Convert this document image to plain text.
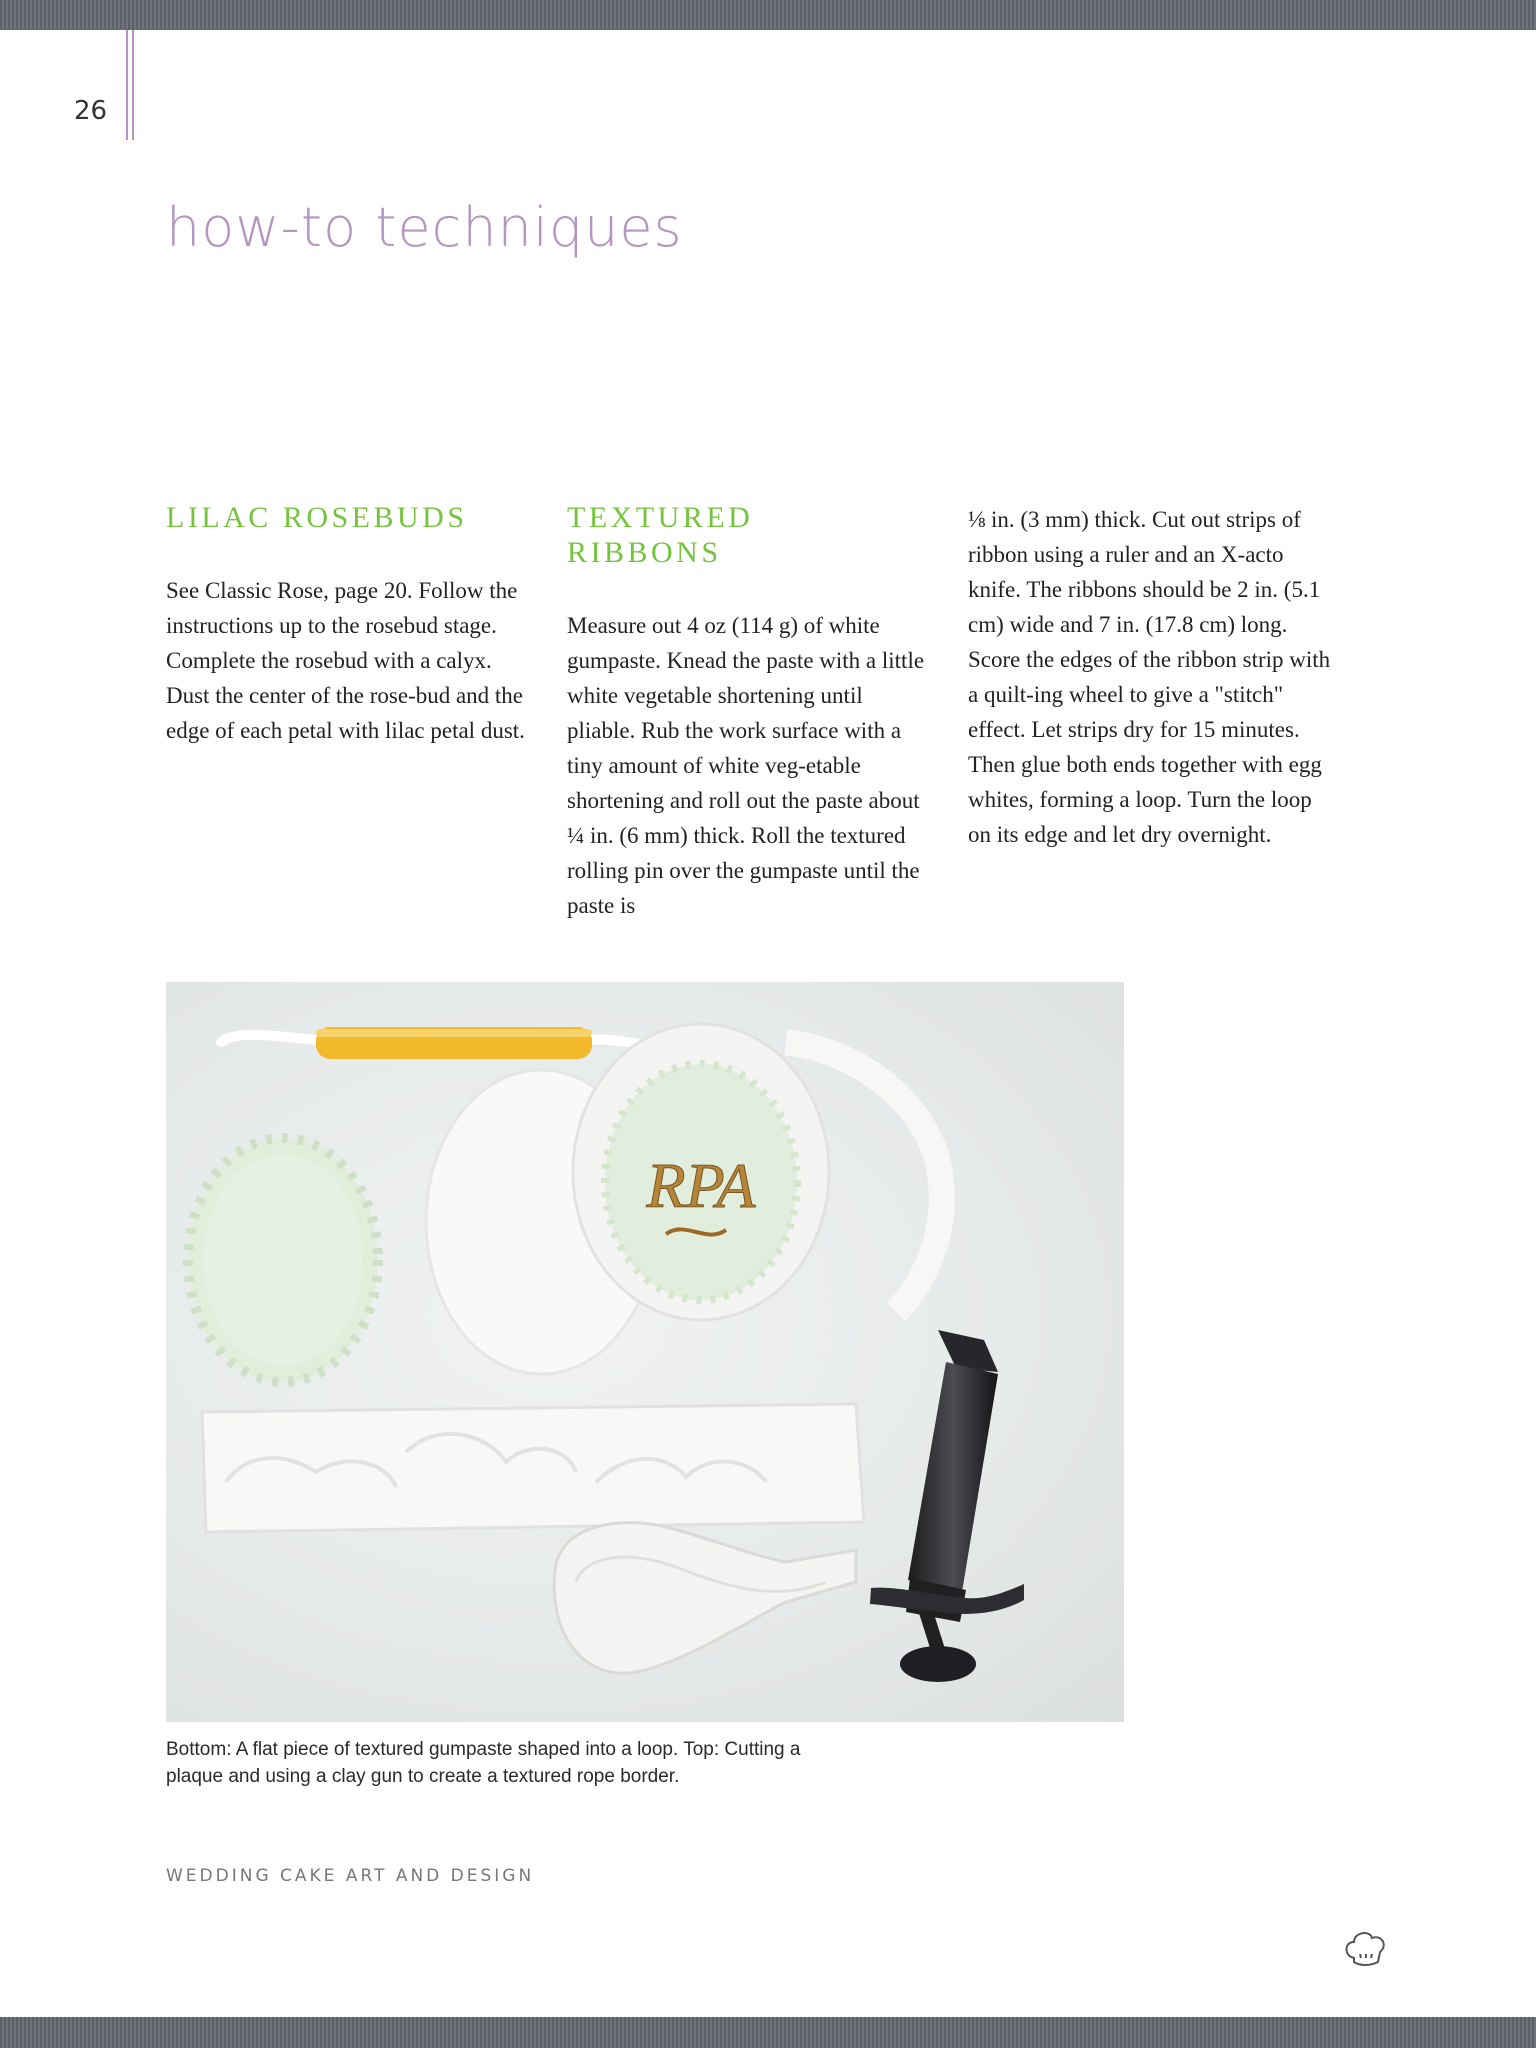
26
how-to techniques
LILAC ROSEBUDS

See Classic Rose, page 20. Follow the instructions up to the rosebud stage. Complete the rosebud with a calyx. Dust the center of the rose-bud and the edge of each petal with lilac petal dust.

TEXTURED RIBBONS

Measure out 4 oz (114 g) of white gumpaste. Knead the paste with a little white vegetable shortening until pliable. Rub the work surface with a tiny amount of white veg-etable shortening and roll out the paste about ¼ in. (6 mm) thick. Roll the textured rolling pin over the gumpaste until the paste is

⅛ in. (3 mm) thick. Cut out strips of ribbon using a ruler and an X-acto knife. The ribbons should be 2 in. (5.1 cm) wide and 7 in. (17.8 cm) long. Score the edges of the ribbon strip with a quilt-ing wheel to give a "stitch" effect. Let strips dry for 15 minutes. Then glue both ends together with egg whites, forming a loop. Turn the loop on its edge and let dry overnight.

RPA

Bottom: A flat piece of textured gumpaste shaped into a loop. Top: Cutting a plaque and using a clay gun to create a textured rope border.

WEDDING CAKE ART AND DESIGN
